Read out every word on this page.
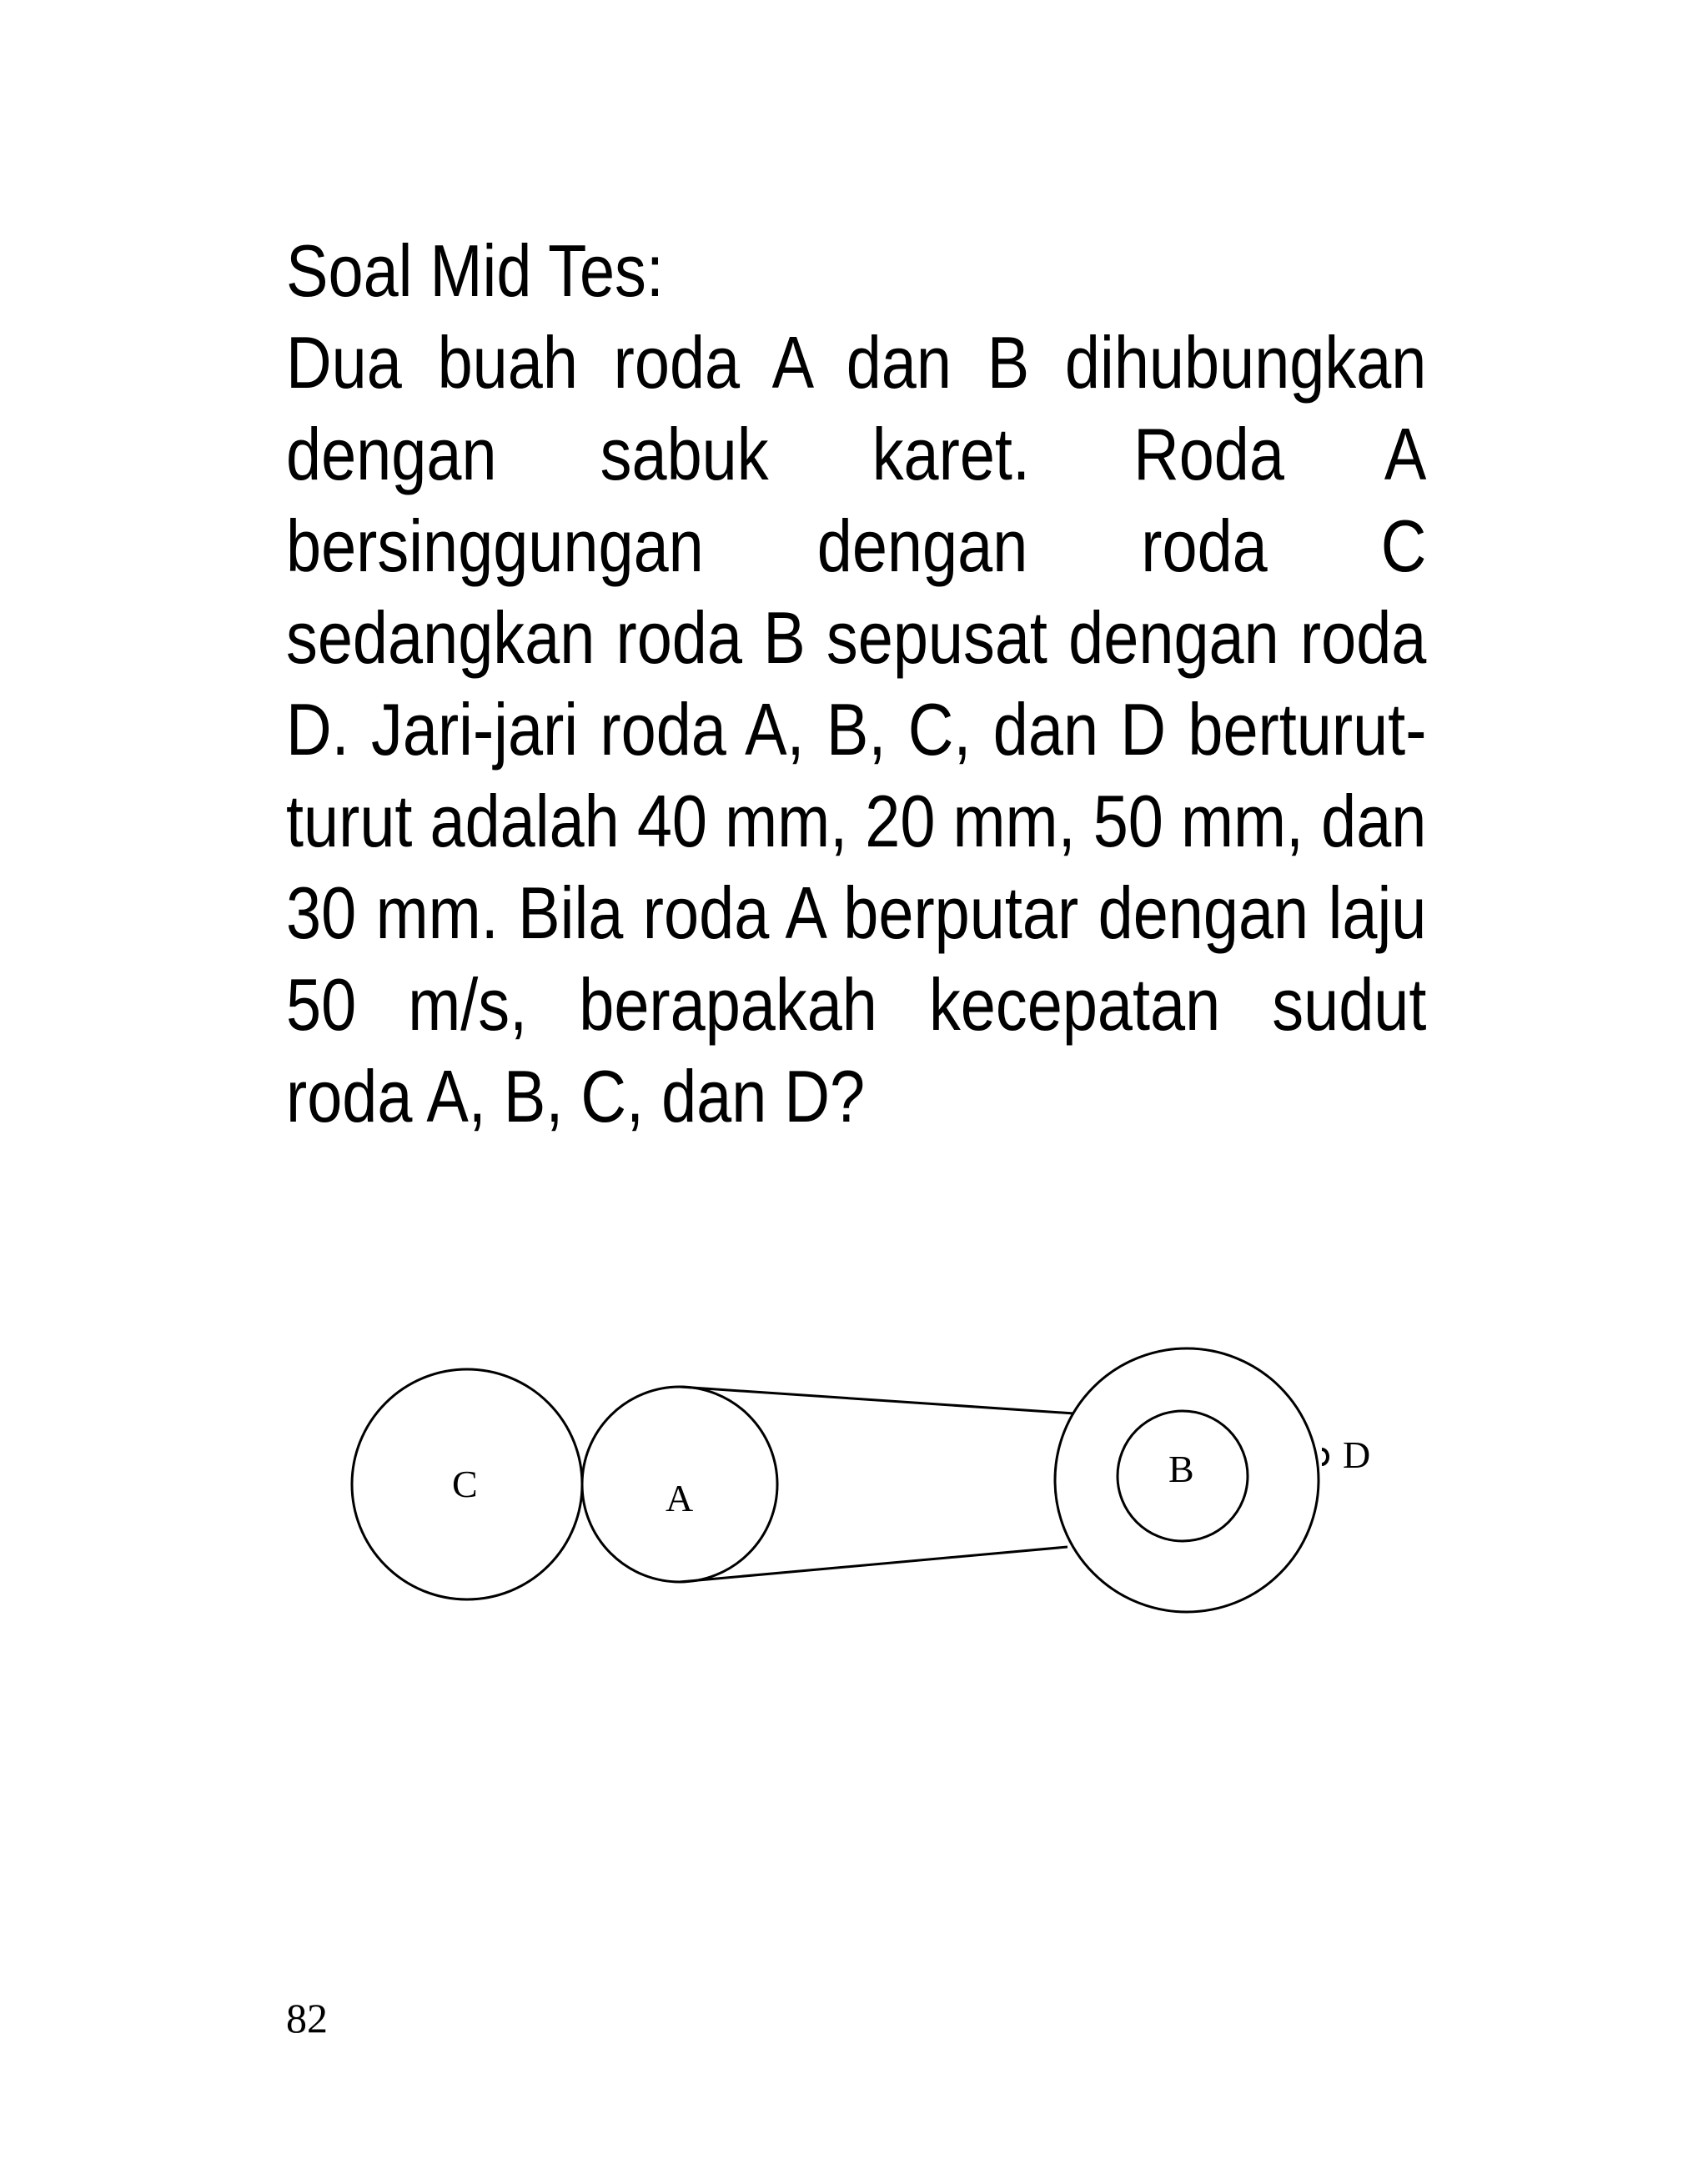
Soal Mid Tes:
Dua buah roda A dan B dihubungkan dengan sabuk karet. Roda A bersinggungan dengan roda C sedangkan roda B sepusat dengan roda D. Jari-jari roda A, B, C, dan D berturut-turut adalah 40 mm, 20 mm, 50 mm, dan 30 mm. Bila roda A berputar dengan laju 50 m/s, berapakah kecepatan sudut roda A, B, C, dan D?
C	A
B	D
82
